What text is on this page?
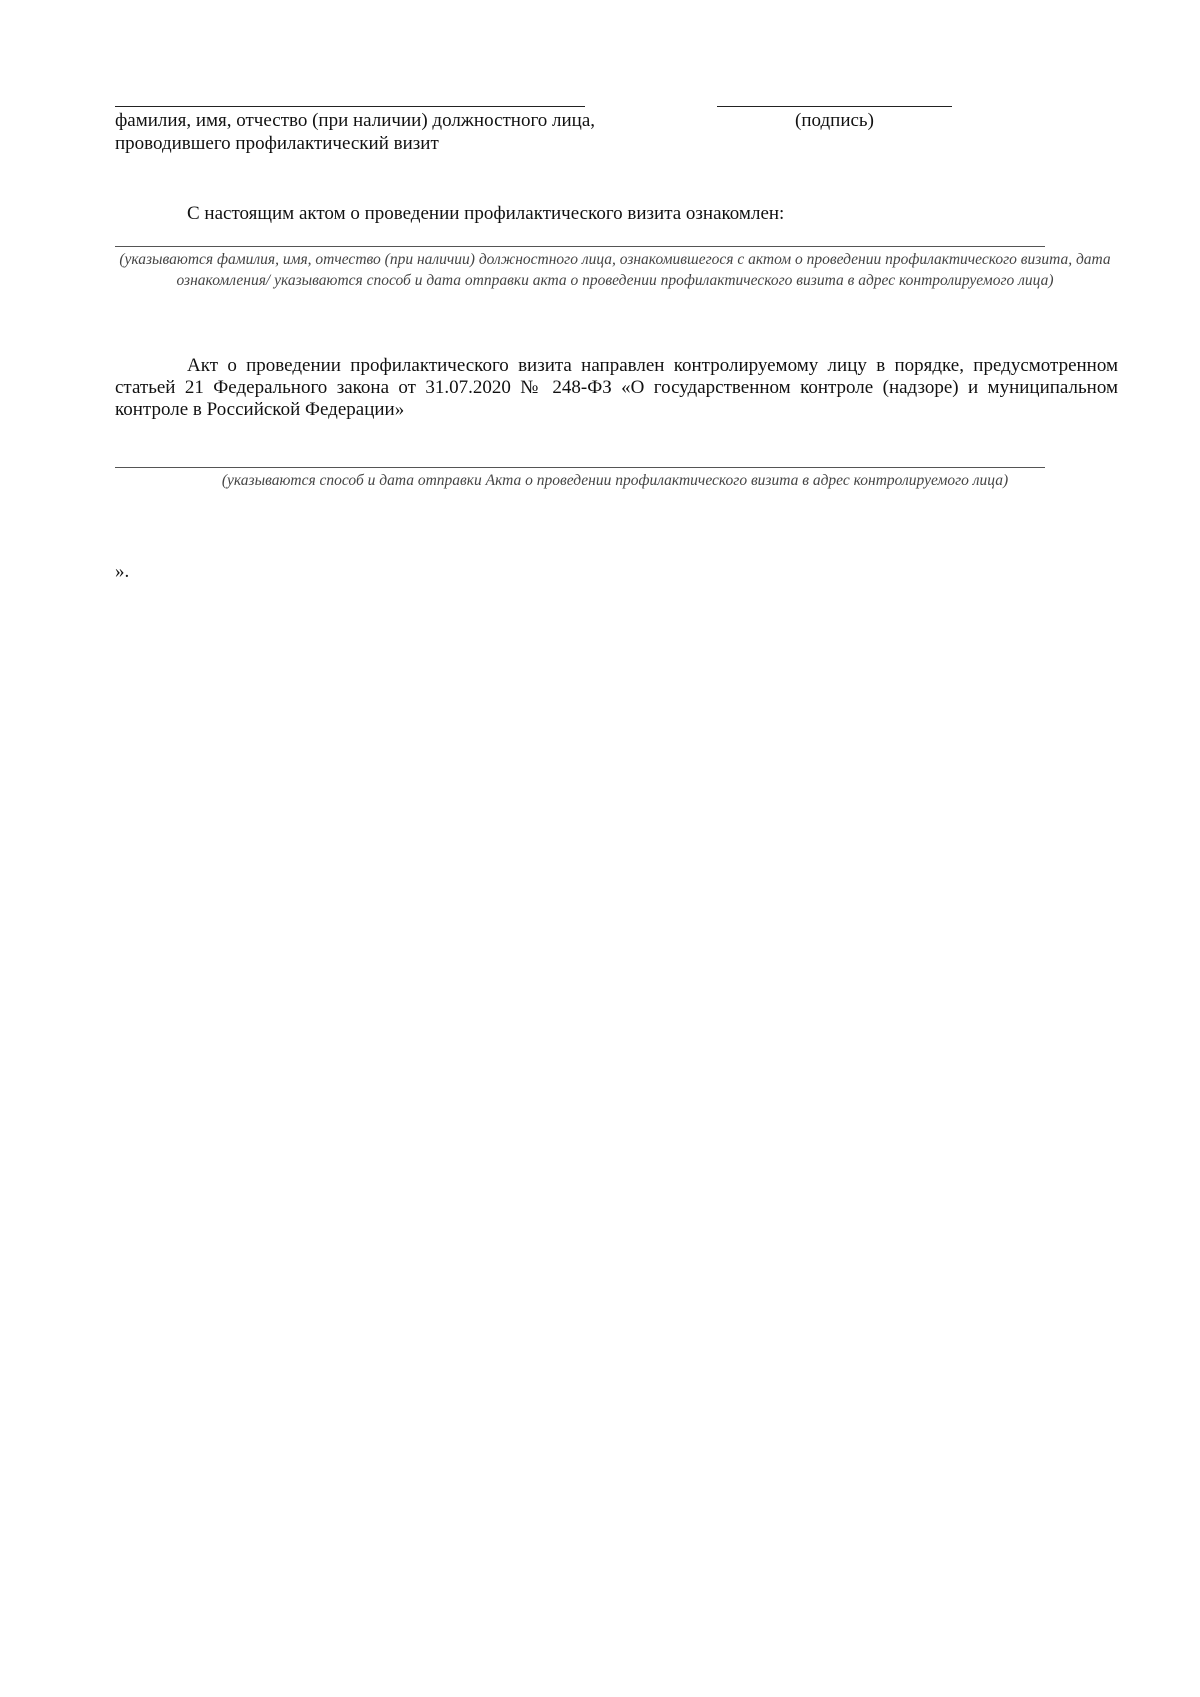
фамилия, имя, отчество (при наличии) должностного лица,
проводившего профилактический визит
(подпись)
С настоящим актом о проведении профилактического визита ознакомлен:
(указываются фамилия, имя, отчество (при наличии) должностного лица, ознакомившегося с актом о проведении профилактического визита, дата ознакомления/ указываются способ и дата отправки акта о проведении профилактического визита в адрес контролируемого лица)
Акт о проведении профилактического визита направлен контролируемому лицу в порядке, предусмотренном статьей 21 Федерального закона от 31.07.2020 № 248-ФЗ «О государственном контроле (надзоре) и муниципальном контроле в Российской Федерации»
(указываются способ и дата отправки Акта о проведении профилактического визита в адрес контролируемого лица)
».
